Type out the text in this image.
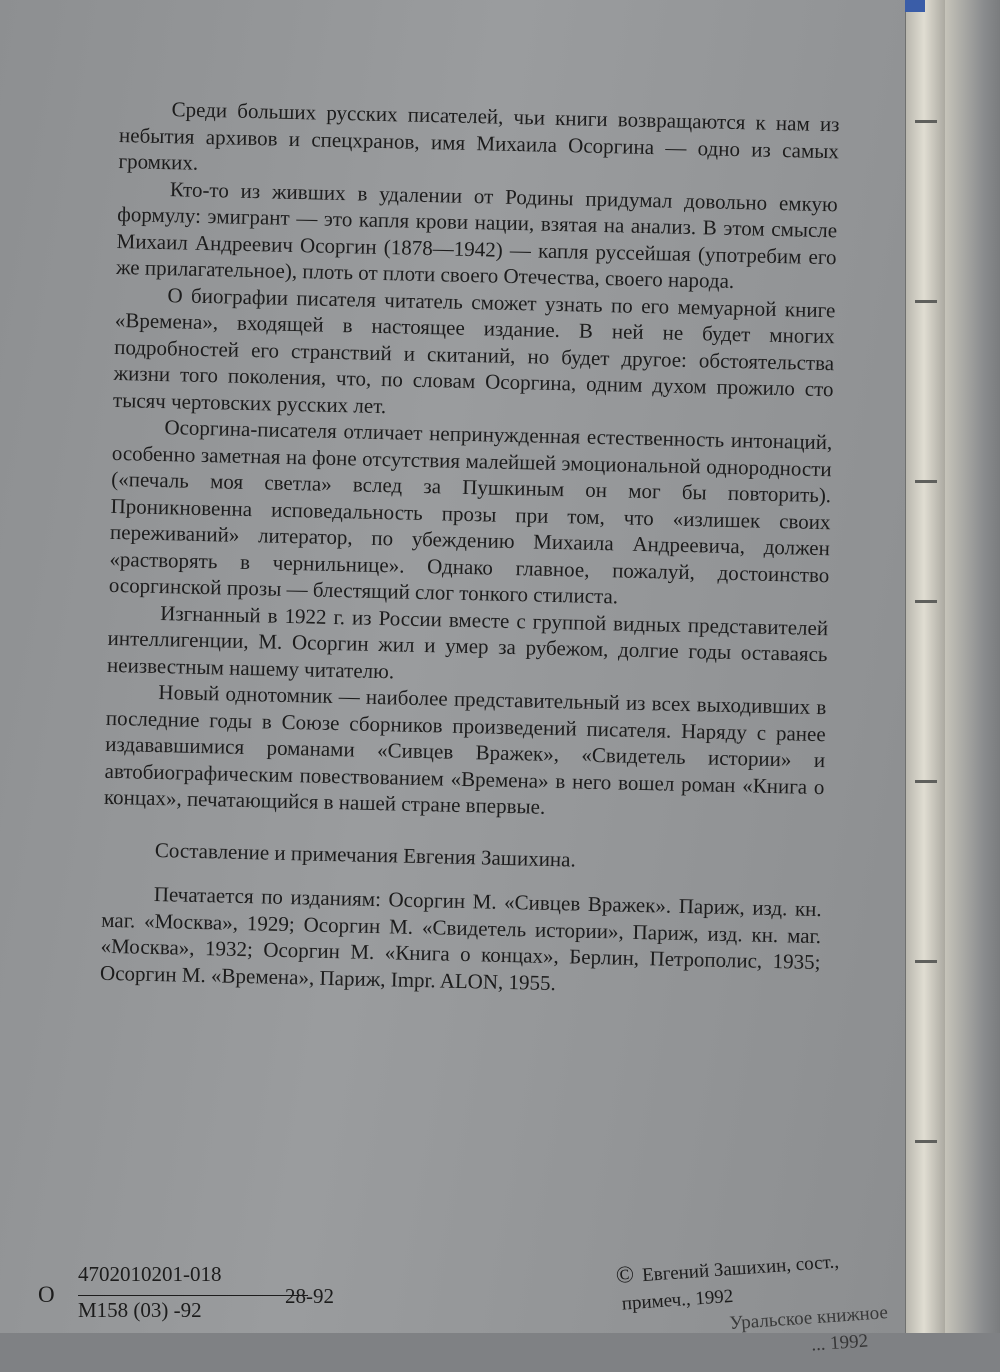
Среди больших русских писателей, чьи книги возвращаются к нам из небытия архивов и спецхранов, имя Михаила Осоргина — одно из самых громких.

Кто-то из живших в удалении от Родины придумал довольно емкую формулу: эмигрант — это капля крови нации, взятая на анализ. В этом смысле Михаил Андреевич Осоргин (1878—1942) — капля руссейшая (употребим его же прилагательное), плоть от плоти своего Отечества, своего народа.

О биографии писателя читатель сможет узнать по его мемуарной книге «Времена», входящей в настоящее издание. В ней не будет многих подробностей его странствий и скитаний, но будет другое: обстоятельства жизни того поколения, что, по словам Осоргина, одним духом прожило сто тысяч чертовских русских лет.

Осоргина-писателя отличает непринужденная естественность интонаций, особенно заметная на фоне отсутствия малейшей эмоциональной однородности («печаль моя светла» вслед за Пушкиным он мог бы повторить). Проникновенна исповедальность прозы при том, что «излишек своих переживаний» литератор, по убеждению Михаила Андреевича, должен «растворять в чернильнице». Однако главное, пожалуй, достоинство осоргинской прозы — блестящий слог тонкого стилиста.

Изгнанный в 1922 г. из России вместе с группой видных представителей интеллигенции, М. Осоргин жил и умер за рубежом, долгие годы оставаясь неизвестным нашему читателю.

Новый однотомник — наиболее представительный из всех выходивших в последние годы в Союзе сборников произведений писателя. Наряду с ранее издававшимися романами «Сивцев Вражек», «Свидетель истории» и автобиографическим повествованием «Времена» в него вошел роман «Книга о концах», печатающийся в нашей стране впервые.

Составление и примечания Евгения Зашихина.

Печатается по изданиям: Осоргин М. «Сивцев Вражек». Париж, изд. кн. маг. «Москва», 1929; Осоргин М. «Свидетель истории», Париж, изд. кн. маг. «Москва», 1932; Осоргин М. «Книга о концах», Берлин, Петрополис, 1935; Осоргин М. «Времена», Париж, Impr. ALON, 1955.

О
4702010201-018
М158 (03) -92
28-92
© Евгений Зашихин, сост.,
примеч., 1992
Уральское книжное
... 1992
